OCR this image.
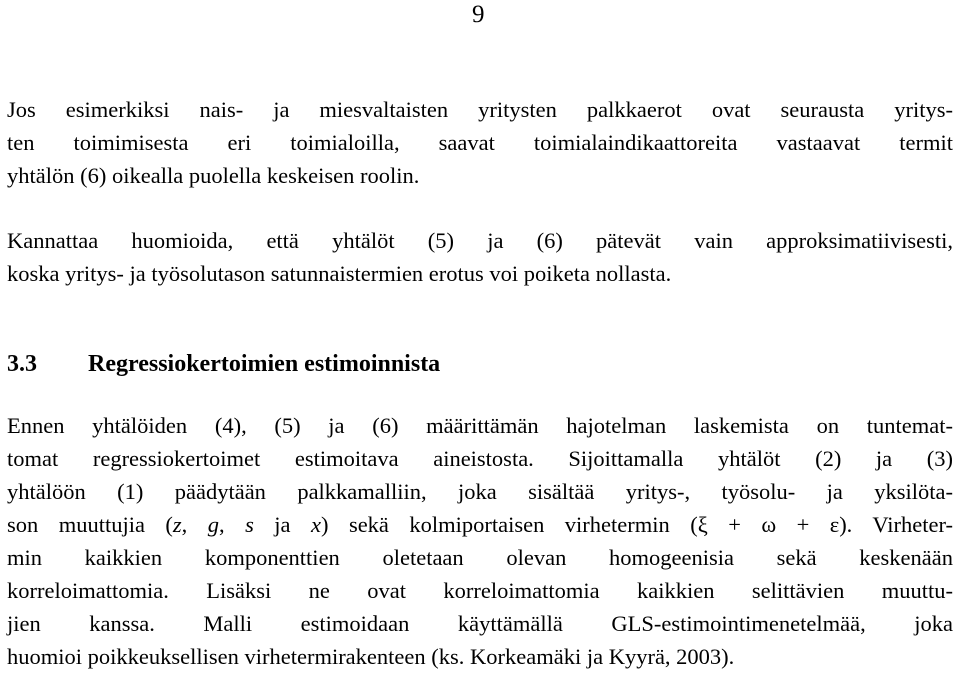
9
Jos esimerkiksi nais- ja miesvaltaisten yritysten palkkaerot ovat seurausta yritys-
ten toimimisesta eri toimialoilla, saavat toimialaindikaattoreita vastaavat termit
yhtälön (6) oikealla puolella keskeisen roolin.
Kannattaa huomioida, että yhtälöt (5) ja (6) pätevät vain approksimatiivisesti,
koska yritys- ja työsolutason satunnaistermien erotus voi poiketa nollasta.
3.3 Regressiokertoimien estimoinnista
Ennen yhtälöiden (4), (5) ja (6) määrittämän hajotelman laskemista on tuntemat-
tomat regressiokertoimet estimoitava aineistosta. Sijoittamalla yhtälöt (2) ja (3)
yhtälöön (1) päädytään palkkamalliin, joka sisältää yritys-, työsolu- ja yksilöta-
son muuttujia (z, g, s ja x) sekä kolmiportaisen virhetermin (ξ + ω + ε). Virheter-
min kaikkien komponenttien oletetaan olevan homogeenisia sekä keskenään
korreloimattomia. Lisäksi ne ovat korreloimattomia kaikkien selittävien muuttu-
jien kanssa. Malli estimoidaan käyttämällä GLS-estimointimenetelmää, joka
huomioi poikkeuksellisen virhetermirakenteen (ks. Korkeamäki ja Kyyrä, 2003).
